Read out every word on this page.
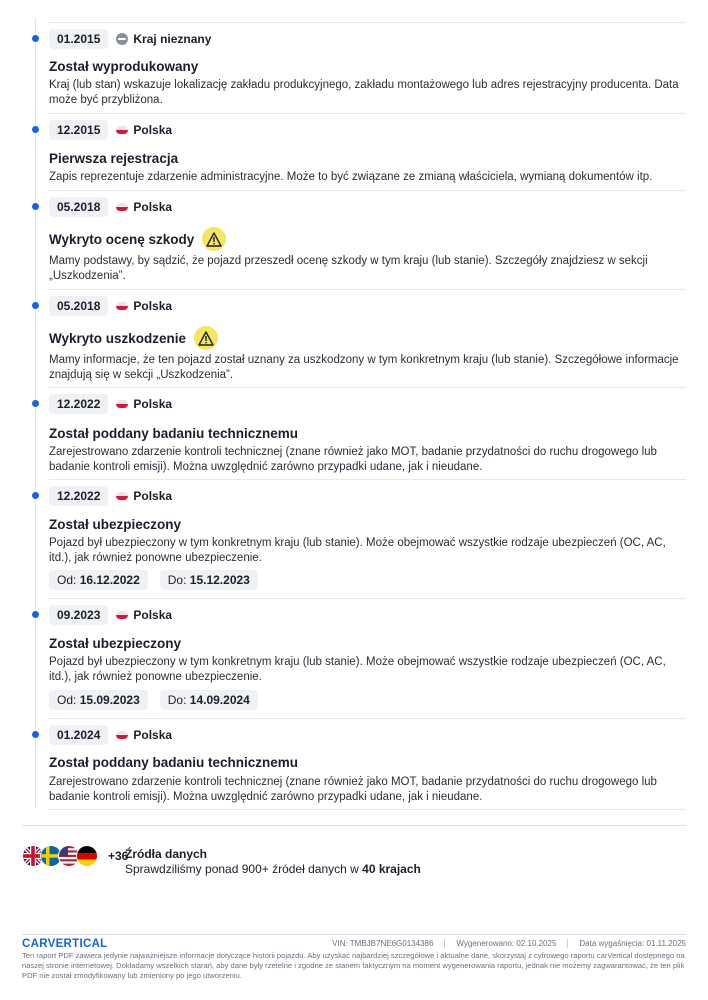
01.2015	Kraj nieznany
Został wyprodukowany
Kraj (lub stan) wskazuje lokalizację zakładu produkcyjnego, zakładu montażowego lub adres rejestracyjny producenta. Data może być przybliżona.
12.2015	Polska
Pierwsza rejestracja
Zapis reprezentuje zdarzenie administracyjne. Może to być związane ze zmianą właściciela, wymianą dokumentów itp.
05.2018	Polska
Wykryto ocenę szkody
Mamy podstawy, by sądzić, że pojazd przeszedł ocenę szkody w tym kraju (lub stanie). Szczegóły znajdziesz w sekcji „Uszkodzenia”.
05.2018	Polska
Wykryto uszkodzenie
Mamy informacje, że ten pojazd został uznany za uszkodzony w tym konkretnym kraju (lub stanie). Szczegółowe informacje znajdują się w sekcji „Uszkodzenia”.
12.2022	Polska
Został poddany badaniu technicznemu
Zarejestrowano zdarzenie kontroli technicznej (znane również jako MOT, badanie przydatności do ruchu drogowego lub badanie kontroli emisji). Można uwzględnić zarówno przypadki udane, jak i nieudane.
12.2022	Polska
Został ubezpieczony
Pojazd był ubezpieczony w tym konkretnym kraju (lub stanie). Może obejmować wszystkie rodzaje ubezpieczeń (OC, AC, itd.), jak również ponowne ubezpieczenie.
Od: 16.12.2022	Do: 15.12.2023
09.2023	Polska
Został ubezpieczony
Pojazd był ubezpieczony w tym konkretnym kraju (lub stanie). Może obejmować wszystkie rodzaje ubezpieczeń (OC, AC, itd.), jak również ponowne ubezpieczenie.
Od: 15.09.2023	Do: 14.09.2024
01.2024	Polska
Został poddany badaniu technicznemu
Zarejestrowano zdarzenie kontroli technicznej (znane również jako MOT, badanie przydatności do ruchu drogowego lub badanie kontroli emisji). Można uwzględnić zarówno przypadki udane, jak i nieudane.
+36
Źródła danych
Sprawdziliśmy ponad 900+ źródeł danych w 40 krajach
CARVERTICAL	VIN: TMBJB7NE6G0134386	Wygenerowano: 02.10.2025	Data wygaśnięcia: 01.11.2025
Ten raport PDF zawiera jedynie najważniejsze informacje dotyczące historii pojazdu. Aby uzyskać najbardziej szczegółowe i aktualne dane, skorzystaj z cyfrowego raportu carVertical dostępnego na naszej stronie internetowej. Dokładamy wszelkich starań, aby dane były rzetelne i zgodne ze stanem faktycznym na moment wygenerowania raportu, jednak nie możemy zagwarantować, że ten plik PDF nie został zmodyfikowany lub zmieniony po jego utworzeniu.
